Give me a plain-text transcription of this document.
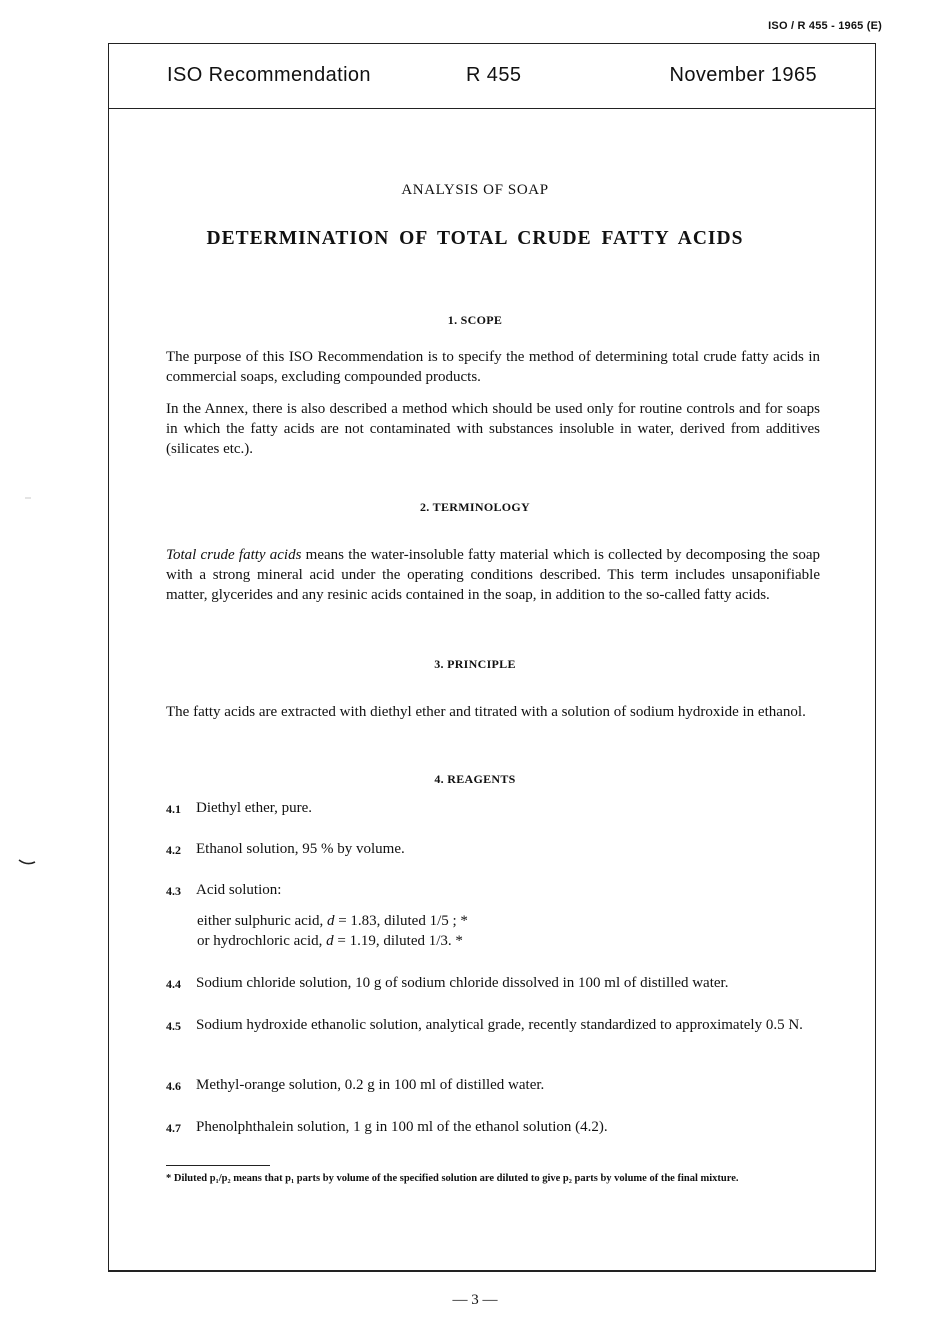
ISO / R 455 - 1965 (E)
ISO Recommendation	R 455	November 1965
ANALYSIS OF SOAP
DETERMINATION OF TOTAL CRUDE FATTY ACIDS
1. SCOPE
The purpose of this ISO Recommendation is to specify the method of determining total crude fatty acids in commercial soaps, excluding compounded products.
In the Annex, there is also described a method which should be used only for routine controls and for soaps in which the fatty acids are not contaminated with substances insoluble in water, derived from additives (silicates etc.).
2. TERMINOLOGY
Total crude fatty acids means the water-insoluble fatty material which is collected by decomposing the soap with a strong mineral acid under the operating conditions described. This term includes unsaponifiable matter, glycerides and any resinic acids contained in the soap, in addition to the so-called fatty acids.
3. PRINCIPLE
The fatty acids are extracted with diethyl ether and titrated with a solution of sodium hydroxide in ethanol.
4. REAGENTS
4.1	Diethyl ether, pure.
4.2	Ethanol solution, 95 % by volume.
4.3	Acid solution:
either sulphuric acid, d = 1.83, diluted 1/5 ; *
or hydrochloric acid, d = 1.19, diluted 1/3. *
4.4	Sodium chloride solution, 10 g of sodium chloride dissolved in 100 ml of distilled water.
4.5	Sodium hydroxide ethanolic solution, analytical grade, recently standardized to approximately 0.5 N.
4.6	Methyl-orange solution, 0.2 g in 100 ml of distilled water.
4.7	Phenolphthalein solution, 1 g in 100 ml of the ethanol solution (4.2).
* Diluted p₁/p₂ means that p₁ parts by volume of the specified solution are diluted to give p₂ parts by volume of the final mixture.
— 3 —
